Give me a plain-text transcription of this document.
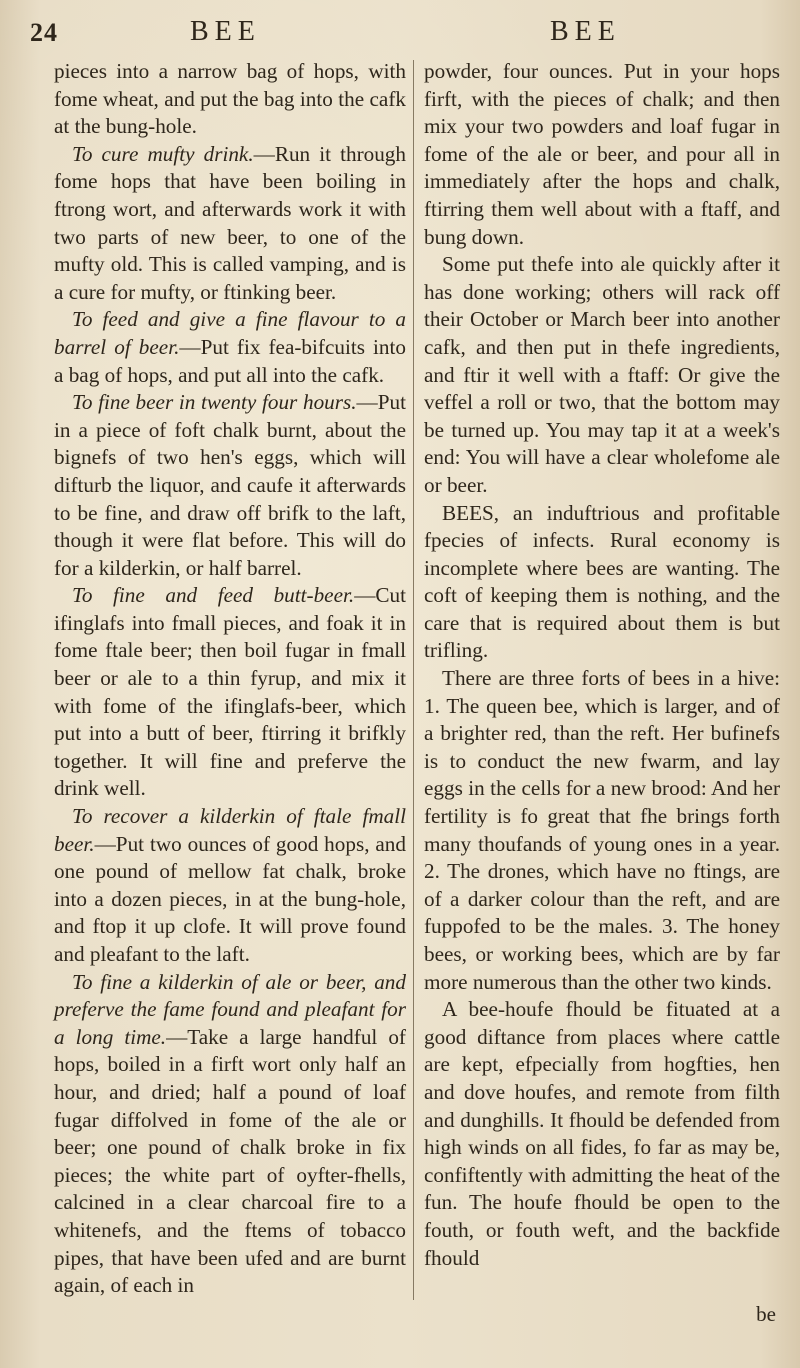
24	BEE	BEE

pieces into a narrow bag of hops, with fome wheat, and put the bag into the cafk at the bung-hole.

To cure mufty drink.—Run it through fome hops that have been boiling in ftrong wort, and afterwards work it with two parts of new beer, to one of the mufty old. This is called vamping, and is a cure for mufty, or ftinking beer.

To feed and give a fine flavour to a barrel of beer.—Put fix fea-bifcuits into a bag of hops, and put all into the cafk.

To fine beer in twenty four hours.—Put in a piece of foft chalk burnt, about the bignefs of two hen's eggs, which will difturb the liquor, and caufe it afterwards to be fine, and draw off brifk to the laft, though it were flat before. This will do for a kilderkin, or half barrel.

To fine and feed butt-beer.—Cut ifinglafs into fmall pieces, and foak it in fome ftale beer; then boil fugar in fmall beer or ale to a thin fyrup, and mix it with fome of the ifinglafs-beer, which put into a butt of beer, ftirring it brifkly together. It will fine and preferve the drink well.

To recover a kilderkin of ftale fmall beer.—Put two ounces of good hops, and one pound of mellow fat chalk, broke into a dozen pieces, in at the bung-hole, and ftop it up clofe. It will prove found and pleafant to the laft.

To fine a kilderkin of ale or beer, and preferve the fame found and pleafant for a long time.—Take a large handful of hops, boiled in a firft wort only half an hour, and dried; half a pound of loaf fugar diffolved in fome of the ale or beer; one pound of chalk broke in fix pieces; the white part of oyfter-fhells, calcined in a clear charcoal fire to a whitenefs, and the ftems of tobacco pipes, that have been ufed and are burnt again, of each in

powder, four ounces. Put in your hops firft, with the pieces of chalk; and then mix your two powders and loaf fugar in fome of the ale or beer, and pour all in immediately after the hops and chalk, ftirring them well about with a ftaff, and bung down.

Some put thefe into ale quickly after it has done working; others will rack off their October or March beer into another cafk, and then put in thefe ingredients, and ftir it well with a ftaff: Or give the veffel a roll or two, that the bottom may be turned up. You may tap it at a week's end: You will have a clear wholefome ale or beer.

BEES, an induftrious and profitable fpecies of infects. Rural economy is incomplete where bees are wanting. The coft of keeping them is nothing, and the care that is required about them is but trifling.

There are three forts of bees in a hive: 1. The queen bee, which is larger, and of a brighter red, than the reft. Her bufinefs is to conduct the new fwarm, and lay eggs in the cells for a new brood: And her fertility is fo great that fhe brings forth many thoufands of young ones in a year. 2. The drones, which have no ftings, are of a darker colour than the reft, and are fuppofed to be the males. 3. The honey bees, or working bees, which are by far more numerous than the other two kinds.

A bee-houfe fhould be fituated at a good diftance from places where cattle are kept, efpecially from hogfties, hen and dove houfes, and remote from filth and dunghills. It fhould be defended from high winds on all fides, fo far as may be, confiftently with admitting the heat of the fun. The houfe fhould be open to the fouth, or fouth weft, and the backfide fhould

be
